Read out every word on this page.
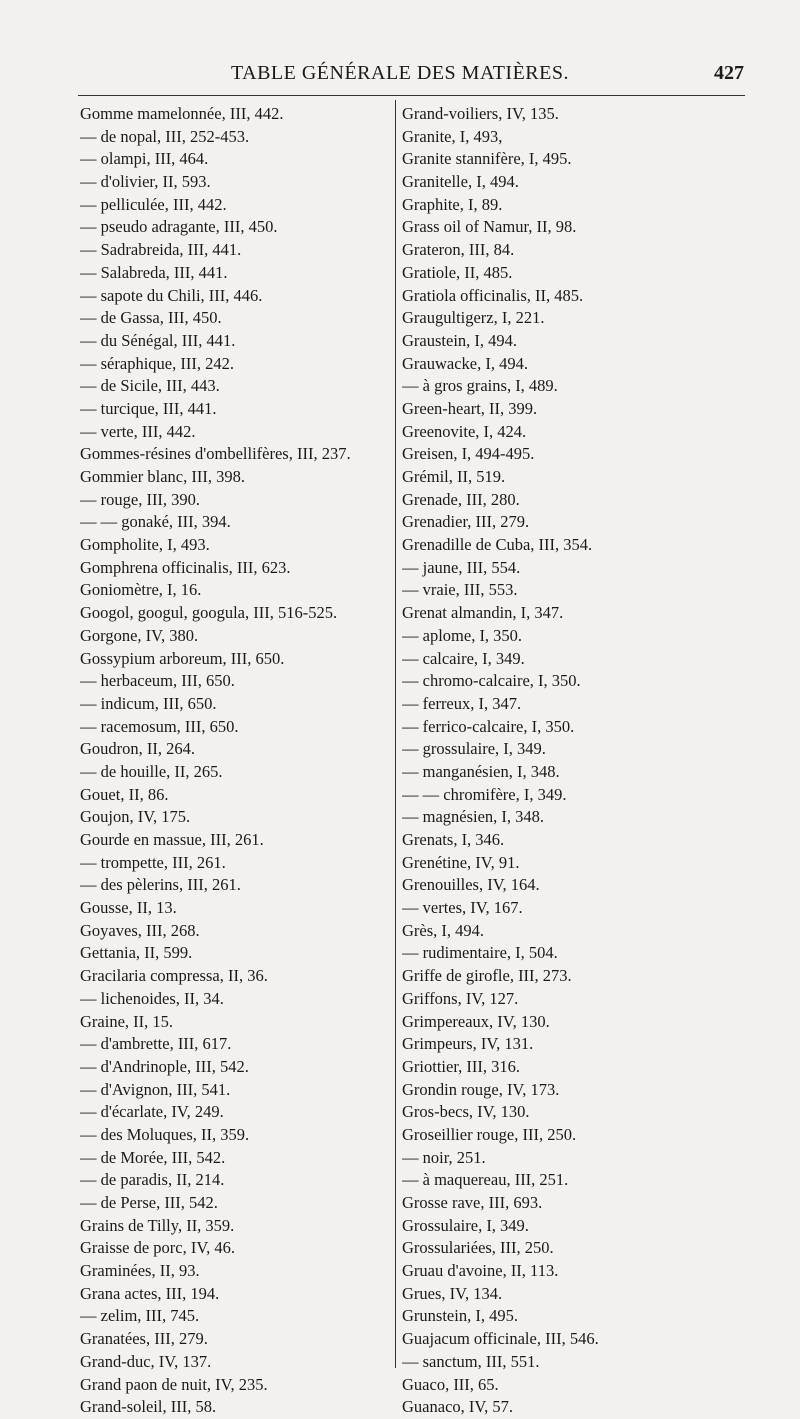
TABLE GÉNÉRALE DES MATIÈRES.	427
Gomme mamelonnée, III, 442.
— de nopal, III, 252-453.
— olampi, III, 464.
— d'olivier, II, 593.
— pelliculée, III, 442.
— pseudo adragante, III, 450.
— Sadrabreida, III, 441.
— Salabreda, III, 441.
— sapote du Chili, III, 446.
— de Gassa, III, 450.
— du Sénégal, III, 441.
— séraphique, III, 242.
— de Sicile, III, 443.
— turcique, III, 441.
— verte, III, 442.
Gommes-résines d'ombellifères, III, 237.
Gommier blanc, III, 398.
— rouge, III, 390.
— — gonaké, III, 394.
Gompholite, I, 493.
Gomphrena officinalis, III, 623.
Goniomètre, I, 16.
Googol, googul, googula, III, 516-525.
Gorgone, IV, 380.
Gossypium arboreum, III, 650.
— herbaceum, III, 650.
— indicum, III, 650.
— racemosum, III, 650.
Goudron, II, 264.
— de houille, II, 265.
Gouet, II, 86.
Goujon, IV, 175.
Gourde en massue, III, 261.
— trompette, III, 261.
— des pèlerins, III, 261.
Gousse, II, 13.
Goyaves, III, 268.
Gettania, II, 599.
Gracilaria compressa, II, 36.
— lichenoides, II, 34.
Graine, II, 15.
— d'ambrette, III, 617.
— d'Andrinople, III, 542.
— d'Avignon, III, 541.
— d'écarlate, IV, 249.
— des Moluques, II, 359.
— de Morée, III, 542.
— de paradis, II, 214.
— de Perse, III, 542.
Grains de Tilly, II, 359.
Graisse de porc, IV, 46.
Graminées, II, 93.
Grana actes, III, 194.
— zelim, III, 745.
Granatées, III, 279.
Grand-duc, IV, 137.
Grand paon de nuit, IV, 235.
Grand-soleil, III, 58.
Grand-voiliers, IV, 135.
Granite, I, 493,
Granite stannifère, I, 495.
Granitelle, I, 494.
Graphite, I, 89.
Grass oil of Namur, II, 98.
Grateron, III, 84.
Gratiole, II, 485.
Gratiola officinalis, II, 485.
Graugultigerz, I, 221.
Graustein, I, 494.
Grauwacke, I, 494.
— à gros grains, I, 489.
Green-heart, II, 399.
Greenovite, I, 424.
Greisen, I, 494-495.
Grémil, II, 519.
Grenade, III, 280.
Grenadier, III, 279.
Grenadille de Cuba, III, 354.
— jaune, III, 554.
— vraie, III, 553.
Grenat almandin, I, 347.
— aplome, I, 350.
— calcaire, I, 349.
— chromo-calcaire, I, 350.
— ferreux, I, 347.
— ferrico-calcaire, I, 350.
— grossulaire, I, 349.
— manganésien, I, 348.
— — chromifère, I, 349.
— magnésien, I, 348.
Grenats, I, 346.
Grenétine, IV, 91.
Grenouilles, IV, 164.
— vertes, IV, 167.
Grès, I, 494.
— rudimentaire, I, 504.
Griffe de girofle, III, 273.
Griffons, IV, 127.
Grimpereaux, IV, 130.
Grimpeurs, IV, 131.
Griottier, III, 316.
Grondin rouge, IV, 173.
Gros-becs, IV, 130.
Groseillier rouge, III, 250.
— noir, 251.
— à maquereau, III, 251.
Grosse rave, III, 693.
Grossulaire, I, 349.
Grossulariées, III, 250.
Gruau d'avoine, II, 113.
Grues, IV, 134.
Grunstein, I, 495.
Guajacum officinale, III, 546.
— sanctum, III, 551.
Guaco, III, 65.
Guanaco, IV, 57.
